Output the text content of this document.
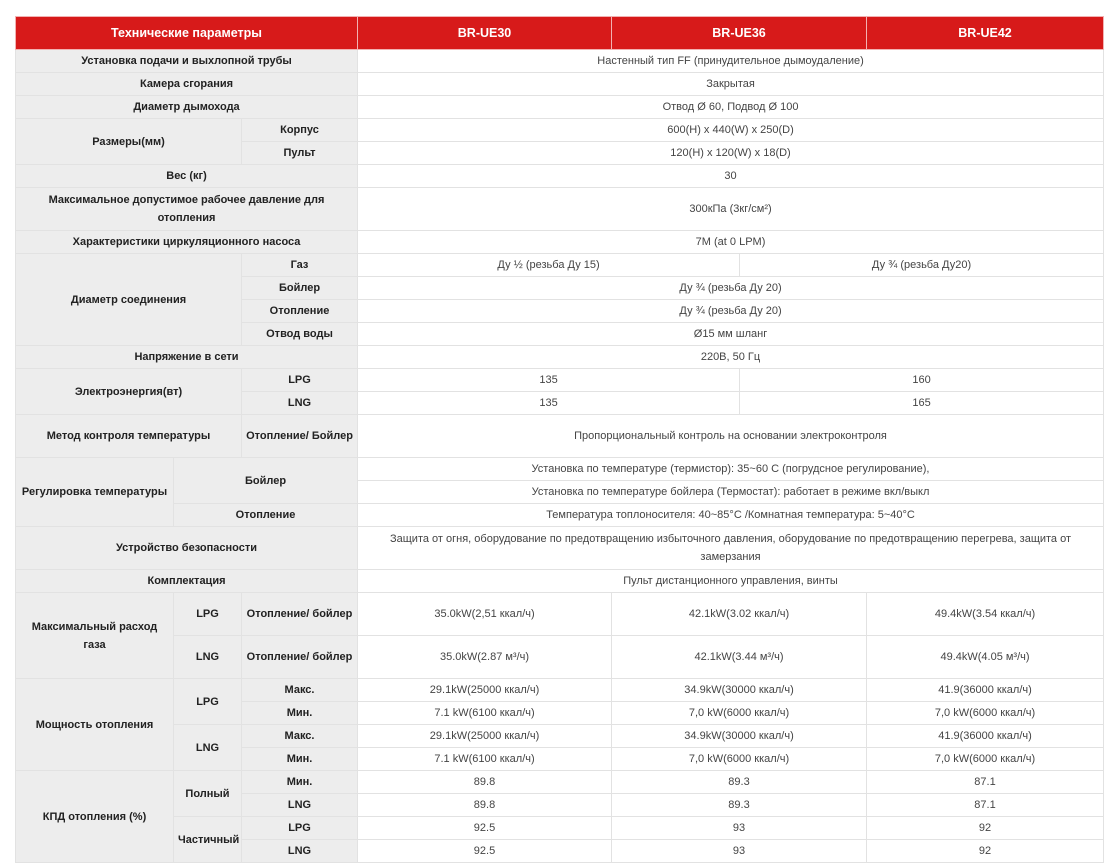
Технические параметры			BR-UE30	BR-UE36		BR-UE42
Установка подачи и выхлопной трубы			Настенный тип FF (принудительное дымоудаление)			
Камера сгорания			Закрытая			
Диаметр дымохода			Отвод Ø 60, Подвод Ø 100			
Размеры(мм)		Корпус	600(H) x 440(W) x 250(D)			
		Пульт	120(H) x 120(W) x 18(D)			
Вес (кг)			30			
Максимальное допустимое рабочее давление для отопления			300кПа (3кг/см²)			
Характеристики циркуляционного насоса			7M (at 0 LPM)			
Диаметр соединения		Газ	Ду ½ (резьба Ду 15)		Ду ¾ (резьба Ду20)	
		Бойлер	Ду ¾ (резьба Ду 20)			
		Отопление	Ду ¾ (резьба Ду 20)			
		Отвод воды	Ø15 мм шланг			
Напряжение в сети			220В, 50 Гц			
Электроэнергия(вт)		LPG	135		160	
		LNG	135		165	
Метод контроля температуры		Отопление/ Бойлер	Пропорциональный контроль на основании электроконтроля			
Регулировка температуры	Бойлер		Установка по температуре (термистор): 35~60 С (погрудсное регулирование),			
			Установка по температуре бойлера (Термостат): работает в режиме вкл/выкл			
	Отопление		Температура топлоносителя: 40~85°C /Комнатная температура: 5~40°C			
Устройство безопасности			Защита от огня, оборудование по предотвращению избыточного давления, оборудование по предотвращению перегрева, защита от замерзания			
Комплектация			Пульт дистанционного управления, винты			
Максимальный расход газа	LPG	Отопление/ бойлер	35.0kW(2,51 ккал/ч)	42.1kW(3.02 ккал/ч)		49.4kW(3.54 ккал/ч)
	LNG	Отопление/ бойлер	35.0kW(2.87 м³/ч)	42.1kW(3.44 м³/ч)		49.4kW(4.05 м³/ч)
Мощность отопления	LPG	Макс.	29.1kW(25000 ккал/ч)	34.9kW(30000 ккал/ч)		41.9(36000 ккал/ч)
		Мин.	7.1 kW(6100 ккал/ч)	7,0 kW(6000 ккал/ч)		7,0 kW(6000 ккал/ч)
	LNG	Макс.	29.1kW(25000 ккал/ч)	34.9kW(30000 ккал/ч)		41.9(36000 ккал/ч)
		Мин.	7.1 kW(6100 ккал/ч)	7,0 kW(6000 ккал/ч)		7,0 kW(6000 ккал/ч)
КПД отопления (%)	Полный	Мин.	89.8	89.3		87.1
		LNG	89.8	89.3		87.1
	Частичный	LPG	92.5	93		92
		LNG	92.5	93		92
